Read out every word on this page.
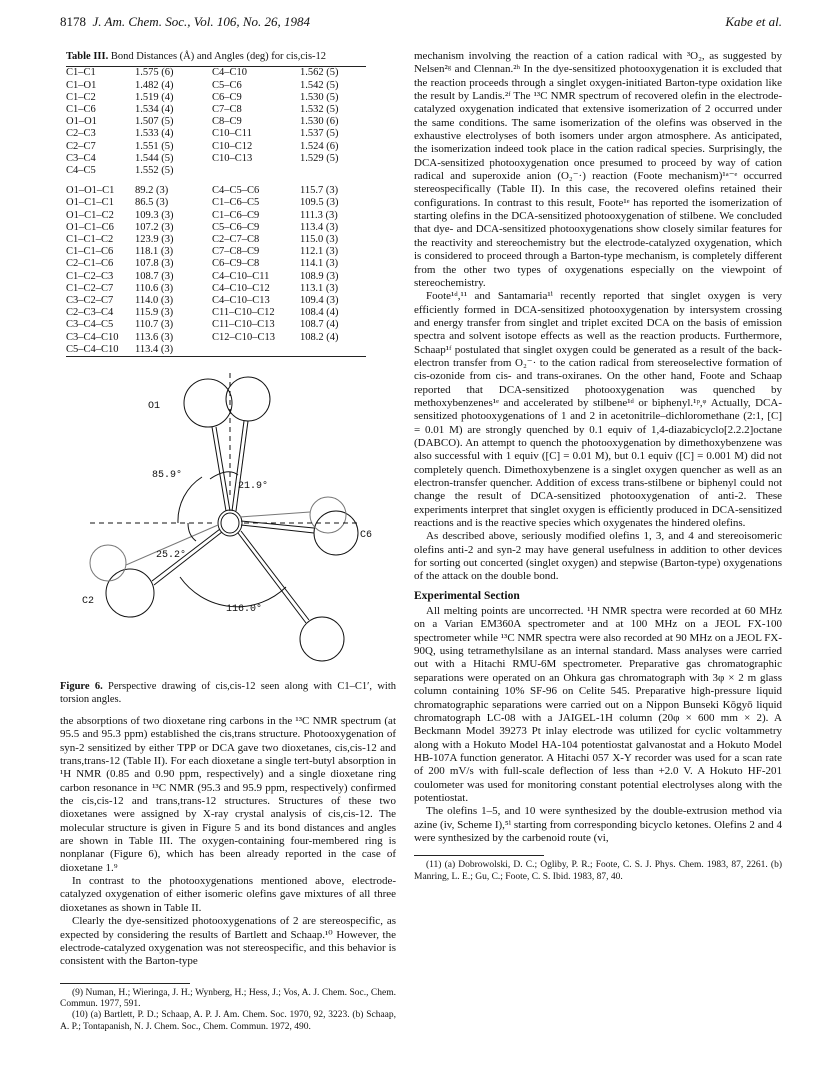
8178 J. Am. Chem. Soc., Vol. 106, No. 26, 1984	Kabe et al.
Table III. Bond Distances (Å) and Angles (deg) for cis,cis-12
C1–C1	1.575 (6)	C4–C10	1.562 (5)
C1–O1	1.482 (4)	C5–C6	1.542 (5)
C1–C2	1.519 (4)	C6–C9	1.530 (5)
C1–C6	1.534 (4)	C7–C8	1.532 (5)
O1–O1	1.507 (5)	C8–C9	1.530 (6)
C2–C3	1.533 (4)	C10–C11	1.537 (5)
C2–C7	1.551 (5)	C10–C12	1.524 (6)
C3–C4	1.544 (5)	C10–C13	1.529 (5)
C4–C5	1.552 (5)		

O1–O1–C1	89.2 (3)	C4–C5–C6	115.7 (3)
O1–C1–C1	86.5 (3)	C1–C6–C5	109.5 (3)
O1–C1–C2	109.3 (3)	C1–C6–C9	111.3 (3)
O1–C1–C6	107.2 (3)	C5–C6–C9	113.4 (3)
C1–C1–C2	123.9 (3)	C2–C7–C8	115.0 (3)
C1–C1–C6	118.1 (3)	C7–C8–C9	112.1 (3)
C2–C1–C6	107.8 (3)	C6–C9–C8	114.1 (3)
C1–C2–C3	108.7 (3)	C4–C10–C11	108.9 (3)
C1–C2–C7	110.6 (3)	C4–C10–C12	113.1 (3)
C3–C2–C7	114.0 (3)	C4–C10–C13	109.4 (3)
C2–C3–C4	115.9 (3)	C11–C10–C12	108.4 (4)
C3–C4–C5	110.7 (3)	C11–C10–C13	108.7 (4)
C3–C4–C10	113.6 (3)	C12–C10–C13	108.2 (4)
C5–C4–C10	113.4 (3)		
O1
21.9°
85.9°
25.2°
C2
C6
116.0°
Figure 6. Perspective drawing of cis,cis-12 seen along with C1–C1′, with torsion angles.

the absorptions of two dioxetane ring carbons in the ¹³C NMR spectrum (at 95.5 and 95.3 ppm) established the cis,trans structure. Photooxygenation of syn-2 sensitized by either TPP or DCA gave two dioxetanes, cis,cis-12 and trans,trans-12 (Table II). For each dioxetane a single tert-butyl absorption in ¹H NMR (0.85 and 0.90 ppm, respectively) and a single dioxetane ring carbon resonance in ¹³C NMR (95.3 and 95.9 ppm, respectively) confirmed the cis,cis-12 and trans,trans-12 structures. Structures of these two dioxetanes were assigned by X-ray crystal analysis of cis,cis-12. The molecular structure is given in Figure 5 and its bond distances and angles are shown in Table III. The oxygen-containing four-membered ring is nonplanar (Figure 6), which has been already reported in the case of dioxetane 1.⁹

In contrast to the photooxygenations mentioned above, electrode-catalyzed oxygenation of either isomeric olefins gave mixtures of all three dioxetanes as shown in Table II.

Clearly the dye-sensitized photooxygenations of 2 are stereospecific, as expected by considering the results of Bartlett and Schaap.¹⁰ However, the electrode-catalyzed oxygenation was not stereospecific, and this behavior is consistent with the Barton-type

(9) Numan, H.; Wieringa, J. H.; Wynberg, H.; Hess, J.; Vos, A. J. Chem. Soc., Chem. Commun. 1977, 591.

(10) (a) Bartlett, P. D.; Schaap, A. P. J. Am. Chem. Soc. 1970, 92, 3223. (b) Schaap, A. P.; Tontapanish, N. J. Chem. Soc., Chem. Commun. 1972, 490.

mechanism involving the reaction of a cation radical with ³O₂, as suggested by Nelsen²ᵍ and Clennan.²ʰ In the dye-sensitized photooxygenation it is excluded that the reaction proceeds through a singlet oxygen-initiated Barton-type oxidation like the result by Landis.²ᶠ The ¹³C NMR spectrum of recovered olefin in the electrode-catalyzed oxygenation indicated that extensive isomerization of 2 occurred under the same conditions. The same isomerization of the olefins was observed in the exhaustive electrolyses of both isomers under argon atmosphere. As anticipated, the isomerization indeed took place in the cation radical species. Surprisingly, the DCA-sensitized photooxygenation once presumed to proceed by way of cation radical and superoxide anion (O₂⁻·) reaction (Foote mechanism)¹ᵃ⁻ᵉ occurred stereospecifically (Table II). In this case, the recovered olefins retained their configurations. In contrast to this result, Foote¹ᵉ has reported the isomerization of starting olefins in the DCA-sensitized photooxygenation of stilbene. We concluded that dye- and DCA-sensitized photooxygenations show closely similar features for the reactivity and stereochemistry but the electrode-catalyzed oxygenation, which is considered to proceed through a Barton-type mechanism, is completely different from the other two types of oxygenations especially on the viewpoint of stereochemistry.

Foote¹ᵈ,¹¹ and Santamaria¹ⁱ recently reported that singlet oxygen is very efficiently formed in DCA-sensitized photooxygenation by intersystem crossing and energy transfer from singlet and triplet excited DCA on the basis of emission spectra and solvent isotope effects as well as the reaction products. Furthermore, Schaap¹ᶠ postulated that singlet oxygen could be generated as a result of the back-electron transfer from O₂⁻· to the cation radical from stereoselective formation of cis-ozonide from cis- and trans-oxiranes. On the other hand, Foote and Schaap reported that DCA-sensitized photooxygenation was quenched by methoxybenzenes¹ᵉ and accelerated by stilbene¹ᵈ or biphenyl.¹ᵖ,ᵠ Actually, DCA-sensitized photooxygenations of 1 and 2 in acetonitrile–dichloromethane (2:1, [C] = 0.01 M) are strongly quenched by 0.1 equiv of 1,4-diazabicyclo[2.2.2]octane (DABCO). An attempt to quench the photooxygenation by dimethoxybenzene was also successful with 1 equiv ([C] = 0.01 M), but 0.1 equiv ([C] = 0.001 M) did not completely quench. Dimethoxybenzene is a singlet oxygen quencher as well as an electron-transfer quencher. Addition of excess trans-stilbene or biphenyl could not change the result of DCA-sensitized photooxygenation of anti-2. These experiments interpret that singlet oxygen is efficiently produced in DCA-sensitized reactions and is the reactive species which oxygenates the hindered olefins.

As described above, seriously modified olefins 1, 3, and 4 and stereoisomeric olefins anti-2 and syn-2 may have general usefulness in addition to other devices for sorting out concerted (singlet oxygen) and stepwise (Barton-type) oxygenations of the attack on the double bond.

Experimental Section

All melting points are uncorrected. ¹H NMR spectra were recorded at 60 MHz on a Varian EM360A spectrometer and at 100 MHz on a JEOL FX-100 spectrometer while ¹³C NMR spectra were also recorded at 90 MHz on a JEOL FX-90Q, using tetramethylsilane as an internal standard. Mass analyses were carried out with a Hitachi RMU-6M spectrometer. Preparative gas chromatographic separations were operated on an Ohkura gas chromatograph with 3φ × 2 m glass column containing 10% SF-96 on Celite 545. Preparative high-pressure liquid chromatographic separations were carried out on a Nippon Bunseki Kōgyō liquid chromatograph LC-08 with a JAIGEL-1H column (20φ × 600 mm × 2). A Beckmann Model 39273 Pt inlay electrode was utilized for cyclic voltammetry along with a Hokuto Model HA-104 potentiostat galvanostat and a Hokuto Model HB-107A function generator. A Hitachi 057 X-Y recorder was used for a scan rate of 200 mV/s with full-scale deflection of less than +2.0 V. A Hokuto HF-201 coulometer was used for monitoring constant potential electrolyses along with the potentiostat.

The olefins 1–5, and 10 were synthesized by the double-extrusion method via azine (iv, Scheme I),⁵ⁱ starting from corresponding bicyclo ketones. Olefins 2 and 4 were synthesized by the carbenoid route (vi,

(11) (a) Dobrowolski, D. C.; Ogliby, P. R.; Foote, C. S. J. Phys. Chem. 1983, 87, 2261. (b) Manring, L. E.; Gu, C.; Foote, C. S. Ibid. 1983, 87, 40.
